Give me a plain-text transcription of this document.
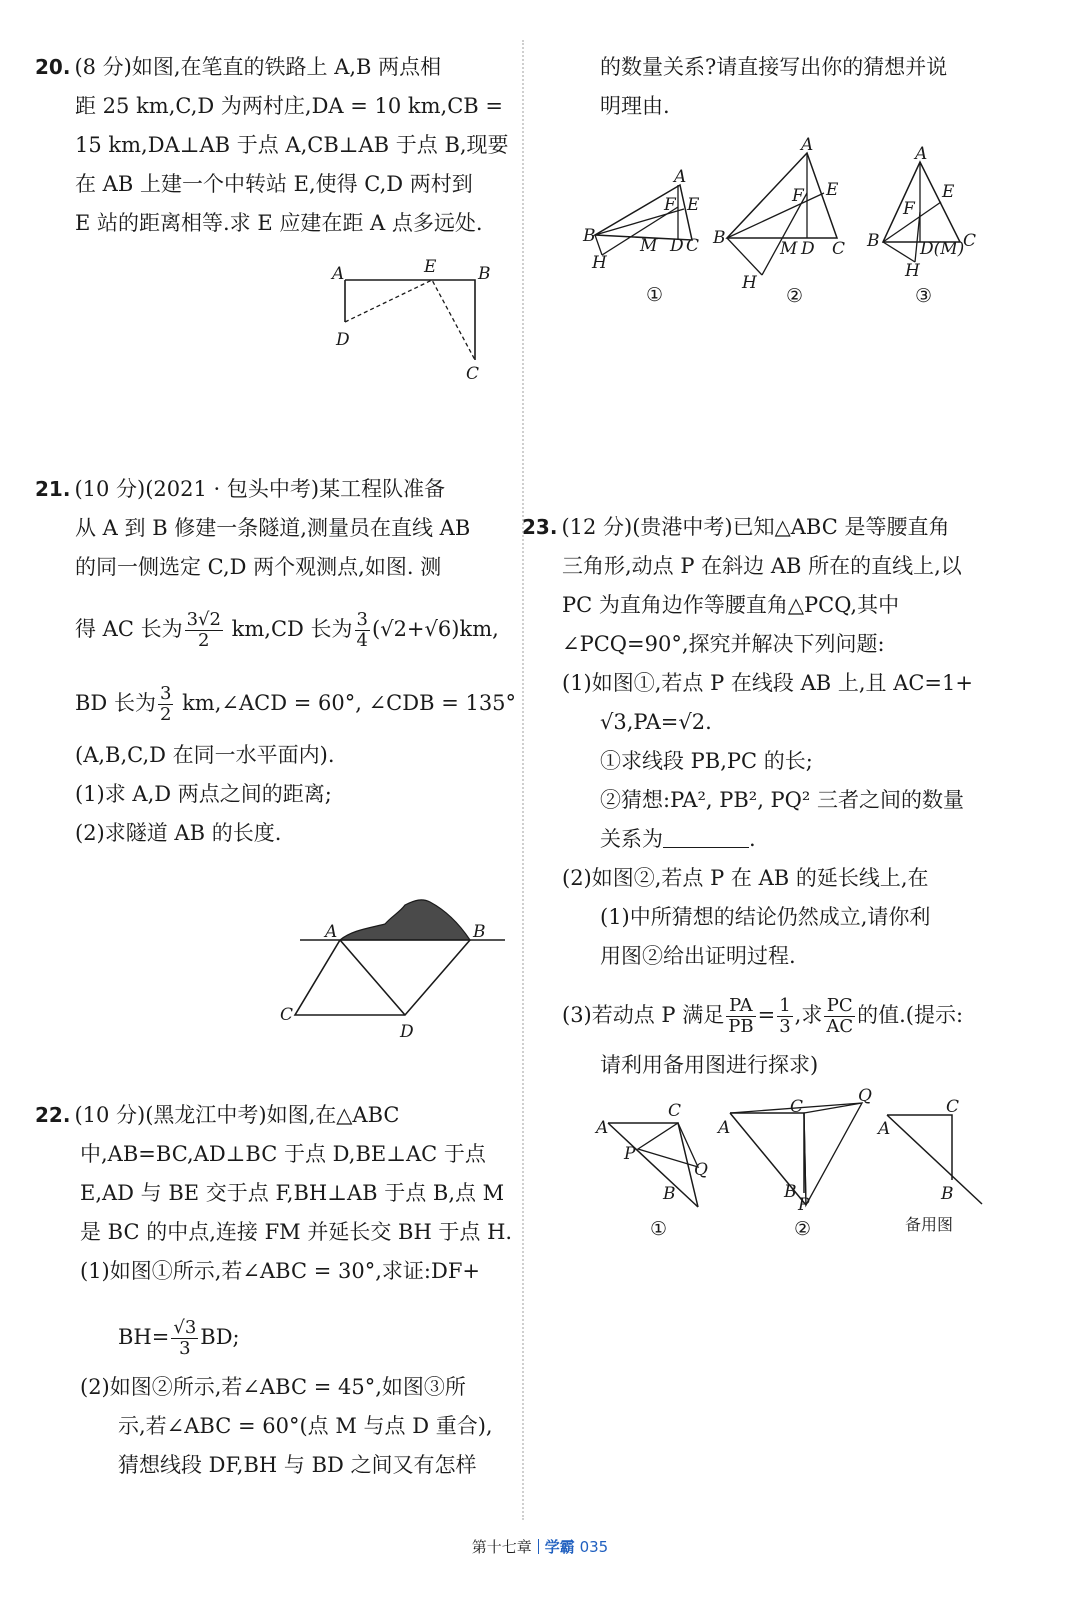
20. (8 分)如图,在笔直的铁路上 A,B 两点相
距 25 km,C,D 为两村庄,DA = 10 km,CB =
15 km,DA⊥AB 于点 A,CB⊥AB 于点 B,现要
在 AB 上建一个中转站 E,使得 C,D 两村到
E 站的距离相等.求 E 应建在距 A 点多远处.
A	E B
D
C
21. (10 分)(2021 · 包头中考)某工程队准备
从 A 到 B 修建一条隧道,测量员在直线 AB
的同一侧选定 C,D 两个观测点,如图. 测
得 AC 长为 $\frac{3√2}{2} km,CD$ 长为 $\frac{3}{4} (√2+√6)km$,
BD 长为 $\frac{3}{2}$ km,∠ACD = 60°, ∠CDB = 135°
(A,B,C,D 在同一水平面内).
(1)求 A,D 两点之间的距离;
(2)求隧道 AB 的长度.
A	B
C
D
22. (10 分)(黑龙江中考)如图,在△ABC
中,AB=BC,AD⊥BC 于点 D,BE⊥AC 于点
E,AD 与 BE 交于点 F,BH⊥AB 于点 B,点 M
是 BC 的中点,连接 FM 并延长交 BH 于点 H.
(1)如图①所示,若∠ABC = 30°,求证:DF+
$BH= \frac{√3}{3}$ BD;
(2)如图②所示,若∠ABC = 45°,如图③所
示,若∠ABC = 60°(点 M 与点 D 重合),
猜想线段 DF,BH 与 BD 之间又有怎样
的数量关系?请直接写出你的猜想并说
明理由.
A
F E
B	M D C
H
①
A
F E
B
M D C
H
②
A
F
E
B D(M)
C
H
③
23. (12 分)(贵港中考)已知△ABC 是等腰直角
三角形,动点 P 在斜边 AB 所在的直线上,以
PC 为直角边作等腰直角△PCQ,其中
∠PCQ=90°,探究并解决下列问题:
(1)如图①,若点 P 在线段 AB 上,且 AC=1+
√3,PA=√2.
①求线段 PB,PC 的长;
②猜想:PA², PB², PQ² 三者之间的数量
关系为	.
(2)如图②,若点 P 在 AB 的延长线上,在
(1)中所猜想的结论仍然成立,请你利
用图②给出证明过程.
(3)若动点 P 满足 $\frac{PA}{PB} = \frac{1}{3}$ ,求 $\frac{PC}{AC}$ 的值.(提示:
请利用备用图进行探求)
A
C
P
Q
B
①
A
C
Q
B
P
②
A
C
B
备用图
第十七章 学霸 035
